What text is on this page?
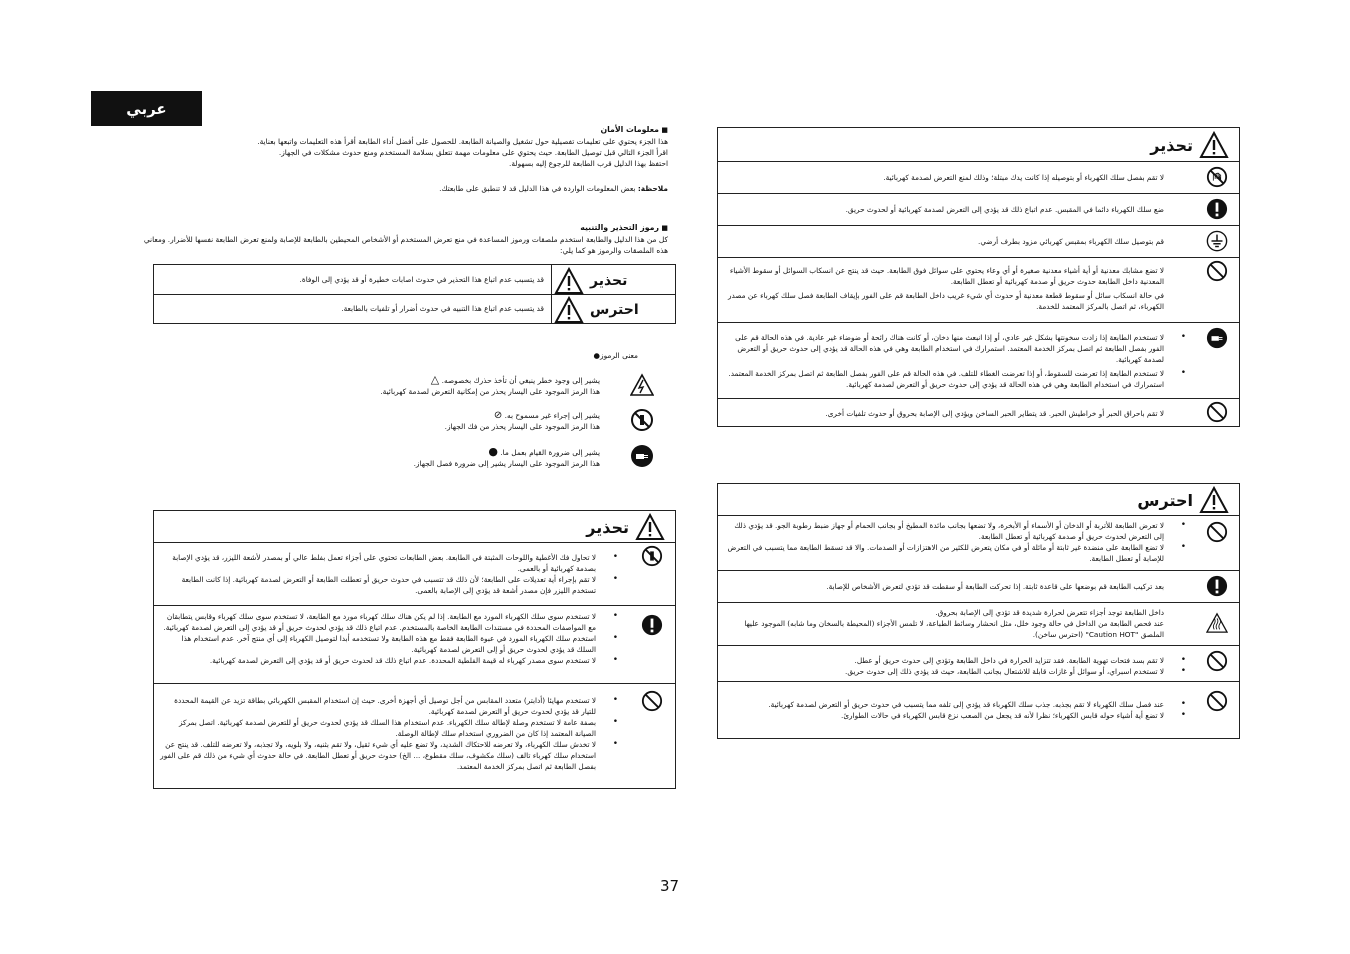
عربي
■ معلومات الأمان
هذا الجزء يحتوي على تعليمات تفصيلية حول تشغيل والصيانة الطابعة. للحصول على أفضل أداء الطابعة أقرأ هذه التعليمات واتبعها بعناية.
اقرأ الجزء التالي قبل توصيل الطابعة. حيث يحتوي على معلومات مهمة تتعلق بسلامة المستخدم ومنع حدوث مشكلات في الجهاز.
احتفظ بهذا الدليل قرب الطابعة للرجوع إليه بسهولة.
ملاحظة: بعض المعلومات الواردة في هذا الدليل قد لا تنطبق على طابعتك.
■ رموز التحذير والتنبيه
كل من هذا الدليل والطابعة استخدم ملصقات ورموز المساعدة في منع تعرض المستخدم أو الأشخاص المحيطين بالطابعة للإصابة ولمنع تعرض الطابعة نفسها للأضرار. ومعاني
هذه الملصقات والرموز هو كما يلي:
تحذير
قد يتسبب عدم اتباع هذا التحذير في حدوث اصابات خطيرة أو قد يؤدي إلى الوفاة.
احترس
قد يتسبب عدم اتباع هذا التنبيه في حدوث أضرار أو تلفيات بالطابعة.
معنى الرموز●
يشير إلى وجود خطر ينبغي أن تأخذ حذرك بخصوصه. △
هذا الرمز الموجود على اليسار يحذر من إمكانية التعرض لصدمة كهربائية.
يشير إلى إجراء غير مسموح به. ⊘
هذا الرمز الموجود على اليسار يحذر من فك الجهاز.
يشير إلى ضرورة القيام بعمل ما. ●
هذا الرمز الموجود على اليسار يشير إلى ضرورة فصل الجهاز.
تحذير
لا تحاول فك الأغطية واللوحات المثبتة في الطابعة. بعض الطابعات تحتوي على أجزاء تعمل بفلط عالي أو بمصدر لأشعة الليزر، قد يؤدي الإصابة بصدمة كهربائية أو بالعمى. •
لا تقم بإجراء أية تعديلات على الطابعة؛ لأن ذلك قد تتسبب في حدوث حريق أو تعطلت الطابعة أو التعرض لصدمة كهربائية. إذا كانت الطابعة تستخدم الليزر فإن مصدر أشعة قد يؤدي إلى الإصابة بالعمى. •
لا تستخدم سوى سلك الكهرباء المورد مع الطابعة. إذا لم يكن هناك سلك كهرباء مورد مع الطابعة، لا تستخدم سوى سلك كهرباء وقابس يتطابقان مع المواصفات المحددة في مستندات الطابعة الخاصة بالمستخدم. عدم اتباع ذلك قد يؤدي لحدوث حريق أو قد يؤدي إلى التعرض لصدمة كهربائية. •
استخدم سلك الكهرباء المورد في عبوة الطابعة فقط مع هذه الطابعة ولا تستخدمه أبدا لتوصيل الكهرباء إلى أي منتج آخر. عدم استخدام هذا السلك قد يؤدي لحدوث حريق أو إلى التعرض لصدمة كهربائية. •
لا تستخدم سوى مصدر كهرباء له قيمة الفلطية المحددة. عدم اتباع ذلك قد لحدوث حريق أو قد يؤدي إلى التعرض لصدمة كهربائية. •
لا تستخدم مهايئا (أدابتر) متعدد المقابس من أجل توصيل أي أجهزة أخرى. حيث إن استخدام المقبس الكهربائي بطاقة تزيد عن القيمة المحددة للتيار قد يؤدي لحدوث حريق أو التعرض لصدمة كهربائية. •
بصفة عامة لا تستخدم وصلة لإطالة سلك الكهرباء. عدم استخدام هذا السلك قد يؤدي لحدوث حريق أو للتعرض لصدمة كهربائية. اتصل بمركز الصيانة المعتمد إذا كان من الضروري استخدام سلك لإطالة الوصلة. •
لا تخدش سلك الكهرباء، ولا تعرضه للاحتكاك الشديد، ولا تضع عليه أي شيء ثقيل، ولا تقم بثنيه، ولا بلويه، ولا تجذبه، ولا تعرضه للتلف. قد ينتج عن استخدام سلك كهرباء تالف (سلك مكشوف، سلك مقطوع، ... الخ) حدوث حريق أو تعطل الطابعة. في حالة حدوث أي شيء من ذلك قم على الفور بفصل الطابعة ثم اتصل بمركز الخدمة المعتمد. •
تحذير
لا تقم بفصل سلك الكهرباء أو بتوصيله إذا كانت يدك مبتلة؛ وذلك لمنع التعرض لصدمة كهربائية.
ضع سلك الكهرباء دائما في المقبس. عدم اتباع ذلك قد يؤدي إلى التعرض لصدمة كهربائية أو لحدوث حريق.
قم بتوصيل سلك الكهرباء بمقبس كهربائي مزود بطرف أرضي.
لا تضع مشابك معدنية أو أية أشياء معدنية صغيرة أو أي وعاء يحتوي على سوائل فوق الطابعة. حيث قد ينتج عن انسكاب السوائل أو سقوط الأشياء المعدنية داخل الطابعة حدوث حريق أو صدمة كهربائية أو تعطل الطابعة.
في حالة انسكاب سائل أو سقوط قطعة معدنية أو حدوث أي شيء غريب داخل الطابعة قم على الفور بإيقاف الطابعة فصل سلك كهرباء عن مصدر الكهرباء، ثم اتصل بالمركز المعتمد للخدمة.
لا تستخدم الطابعة إذا زادت سخونتها بشكل غير عادي، أو إذا انبعث منها دخان، أو كانت هناك رائحة أو ضوضاء غير عادية. في هذه الحالة قم على الفور بفصل الطابعة ثم اتصل بمركز الخدمة المعتمد. استمرارك في استخدام الطابعة وهي في هذه الحالة قد يؤدي إلى حدوث حريق أو التعرض لصدمة كهربائية. •
لا تستخدم الطابعة إذا تعرضت للسقوط، أو إذا تعرضت الغطاء للتلف. في هذه الحالة قم على الفور بفصل الطابعة ثم اتصل بمركز الخدمة المعتمد. استمرارك في استخدام الطابعة وهي في هذه الحالة قد يؤدي إلى حدوث حريق أو التعرض لصدمة كهربائية. •
لا تقم باحراق الحبر أو خراطيش الحبر. قد يتطاير الحبر الساخن ويؤدي إلى الإصابة بحروق أو حدوث تلفيات أخرى.
احترس
لا تعرض الطابعة للأتربة أو الدخان أو الأسماء أو الأبخرة، ولا تضعها بجانب مائدة المطبخ أو بجانب الحمام أو جهاز ضبط رطوبة الجو. قد يؤدي ذلك إلى التعرض لحدوث حريق أو صدمة كهربائية أو تعطل الطابعة. •
لا تضع الطابعة على منضدة غير ثابتة أو مائلة أو في مكان يتعرض للكثير من الاهتزازات أو الصدمات. والا قد تسقط الطابعة مما يتسبب في التعرض للإصابة أو تعطل الطابعة. •
بعد تركيب الطابعة قم بوضعها على قاعدة ثابتة. إذا تحركت الطابعة أو سقطت قد تؤدي لتعرض الأشخاص للإصابة.
داخل الطابعة توجد أجزاء تتعرض لحرارة شديدة قد تؤدي إلى الإصابة بحروق.
عند فحص الطابعة من الداخل في حالة وجود خلل، مثل انحشار وسائط الطباعة، لا تلمس الأجزاء (المحيطة بالسخان وما شابه) الموجود عليها الملصق "Caution HOT" (احترس ساخن).
لا تقم بسد فتحات تهوية الطابعة. فقد تتزايد الحرارة في داخل الطابعة وتؤدي إلى حدوث حريق أو عطل. •
لا تستخدم اسبراي، أو سوائل أو غازات قابلة للاشتعال بجانب الطابعة، حيث قد يؤدي ذلك إلى حدوث حريق. •
عند فصل سلك الكهرباء لا تقم بجذبه. جذب سلك الكهرباء قد يؤدي إلى تلفه مما يتسبب في حدوث حريق أو التعرض لصدمة كهربائية. •
لا تضع أية أشياء حوله قابس الكهرباء؛ نظرا لأنه قد يجعل من الصعب نزع قابس الكهرباء في حالات الطوارئ. •
37
